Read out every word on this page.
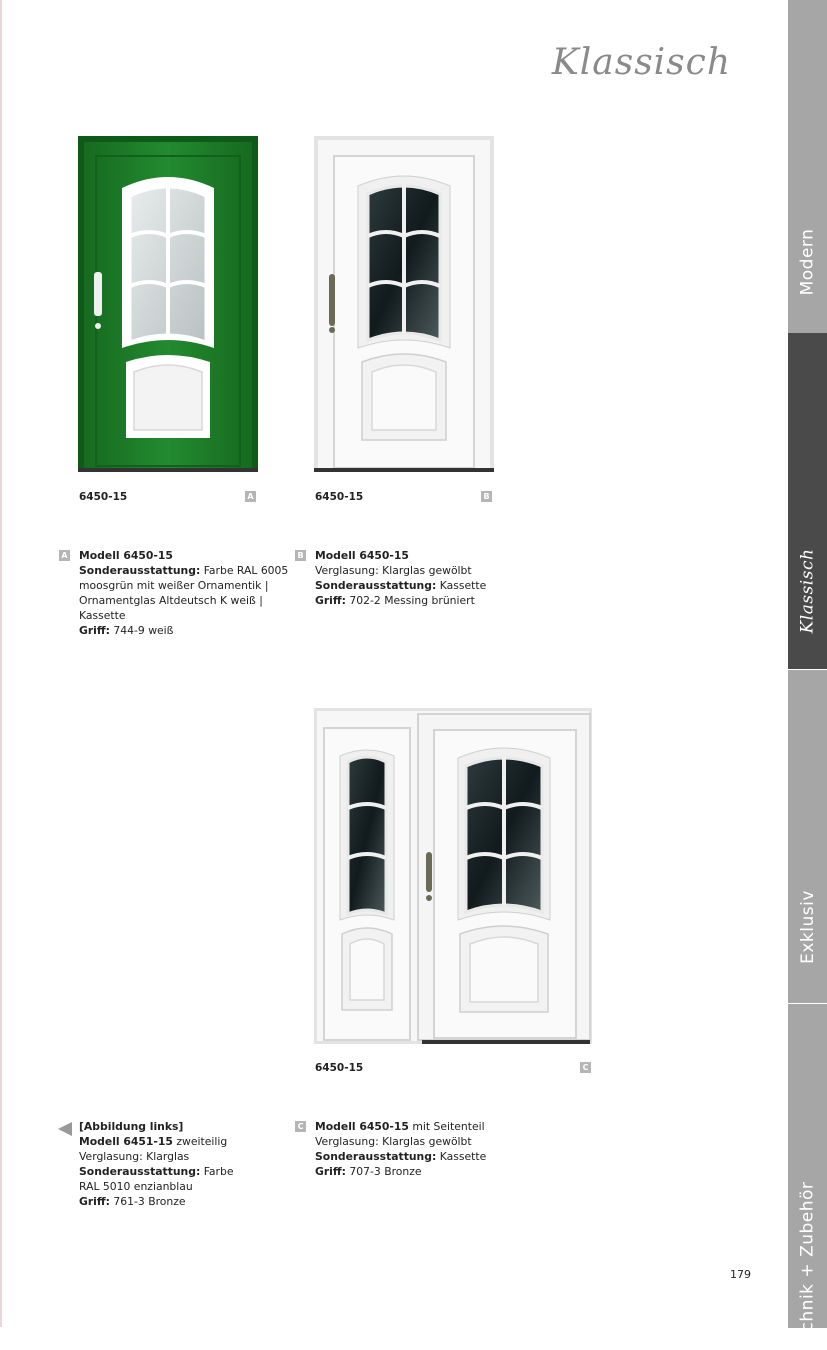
Klassisch
Modern
Klassisch
Exklusiv
Technik + Zubehör
6450-15	A	6450-15	B
A Modell 6450-15
Sonderausstattung: Farbe RAL 6005
moosgrün mit weißer Ornamentik |
Ornamentglas Altdeutsch K weiß |
Kassette
Griff: 744-9 weiß
B Modell 6450-15
Verglasung: Klarglas gewölbt
Sonderausstattung: Kassette
Griff: 702-2 Messing brüniert
6450-15	C
[Abbildung links]
Modell 6451-15 zweiteilig
Verglasung: Klarglas
Sonderausstattung: Farbe
RAL 5010 enzianblau
Griff: 761-3 Bronze
C Modell 6450-15 mit Seitenteil
Verglasung: Klarglas gewölbt
Sonderausstattung: Kassette
Griff: 707-3 Bronze
179
